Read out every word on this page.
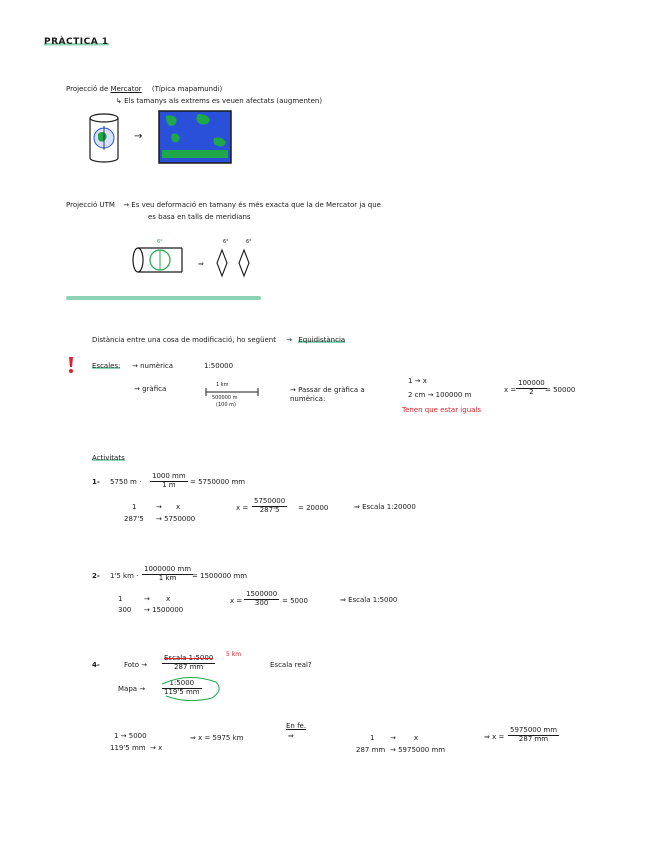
PRÀCTICA 1
Projecció de Mercator (Típica mapamundi)
↳ Els tamanys als extrems es veuen afectats (augmenten)
→
Projecció UTM → Es veu deformació en tamany és més exacta que la de Mercator ja que
es basa en talls de meridians
6°
⇒
6°	6°
Distància entre una cosa de modificació, ho següent → Equidistància
Escales: → numèrica	1:50000
→ gràfica	1 km
500000 m
(100 m)
→ Passar de gràfica a numèrica:
1 → x
2 cm → 100000 m
$x = \frac{100000}{2}$
= 50000
Tenen que estar iguals
Activitats
1- 5750 $m \cdot \frac{1000 mm}{1 m} = 5750000$ mm
1	→ x
287'5 → 5750000
$x = \frac{5750000}{287'5} = 20000$	⇒ Escala 1:20000
2- 1'5 km · $\frac{1000000 mm}{1 km}$
= 1500000 mm
1	→ x
300 → 1500000
$x = \frac{1500000}{300} = 5000$	⇒ Escala 1:5000
4-	Foto →
Escala 1:5000
287 mm
5 km
Escala real?
Mapa → $\frac{1:5000}{119'5 mm}$
1 → 5000
119'5 mm → x
⇒ x = 5975 km
En fe.
⇒	1 →	x
287 mm → 5975000 mm
⇒ $x = \frac{5975000 mm}{287 mm}$
